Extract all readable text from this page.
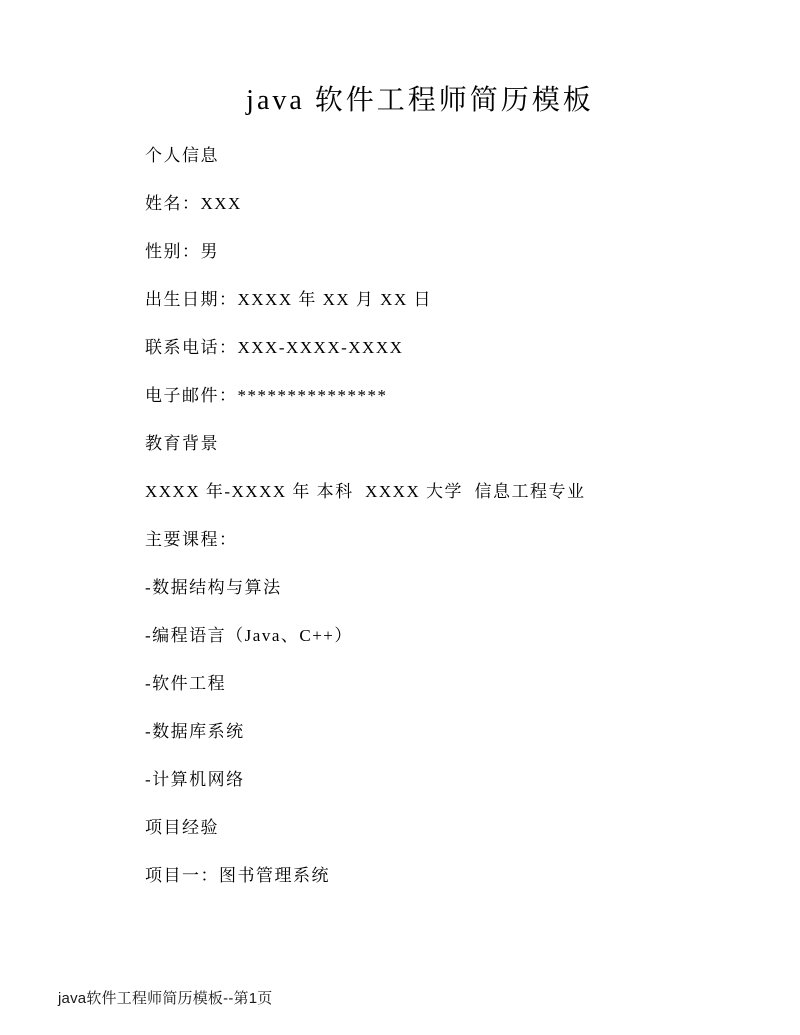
java 软件工程师简历模板
个人信息
姓名：XXX
性别：男
出生日期：XXXX 年 XX 月 XX 日
联系电话：XXX-XXXX-XXXX
电子邮件：***************
教育背景
XXXX 年-XXXX 年 本科  XXXX 大学  信息工程专业
主要课程：
-数据结构与算法
-编程语言（Java、C++）
-软件工程
-数据库系统
-计算机网络
项目经验
项目一：图书管理系统
java软件工程师简历模板--第1页
